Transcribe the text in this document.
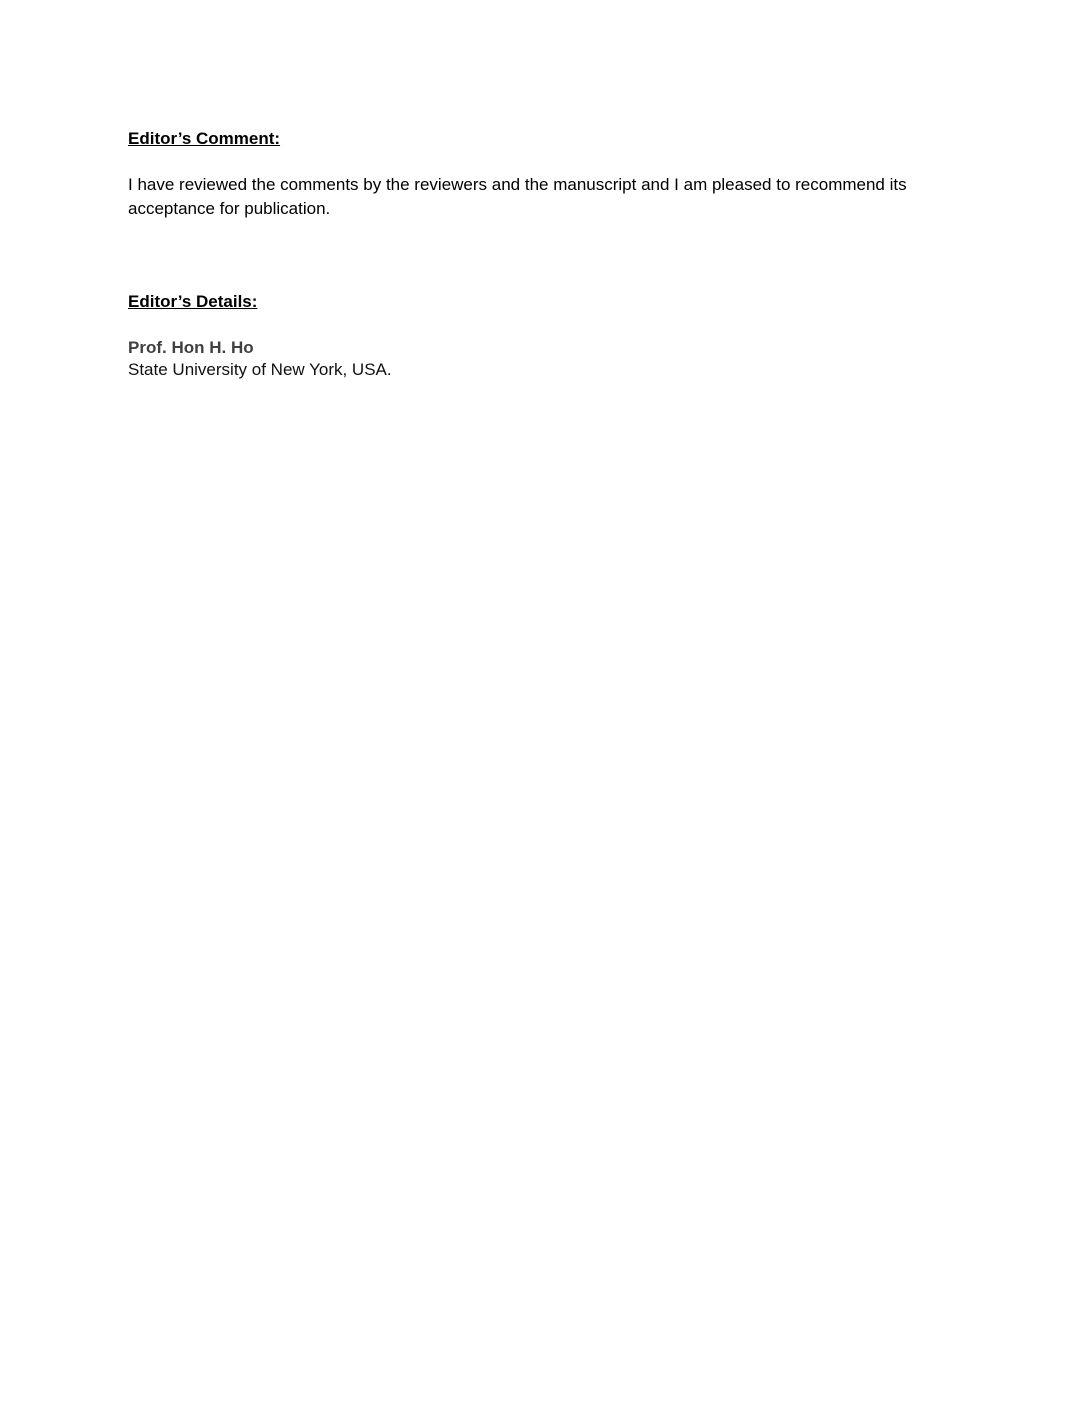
Editor’s Comment:

I have reviewed the comments by the reviewers and the manuscript and I am pleased to recommend its acceptance for publication.

Editor’s Details:

Prof. Hon H. Ho

State University of New York, USA.
